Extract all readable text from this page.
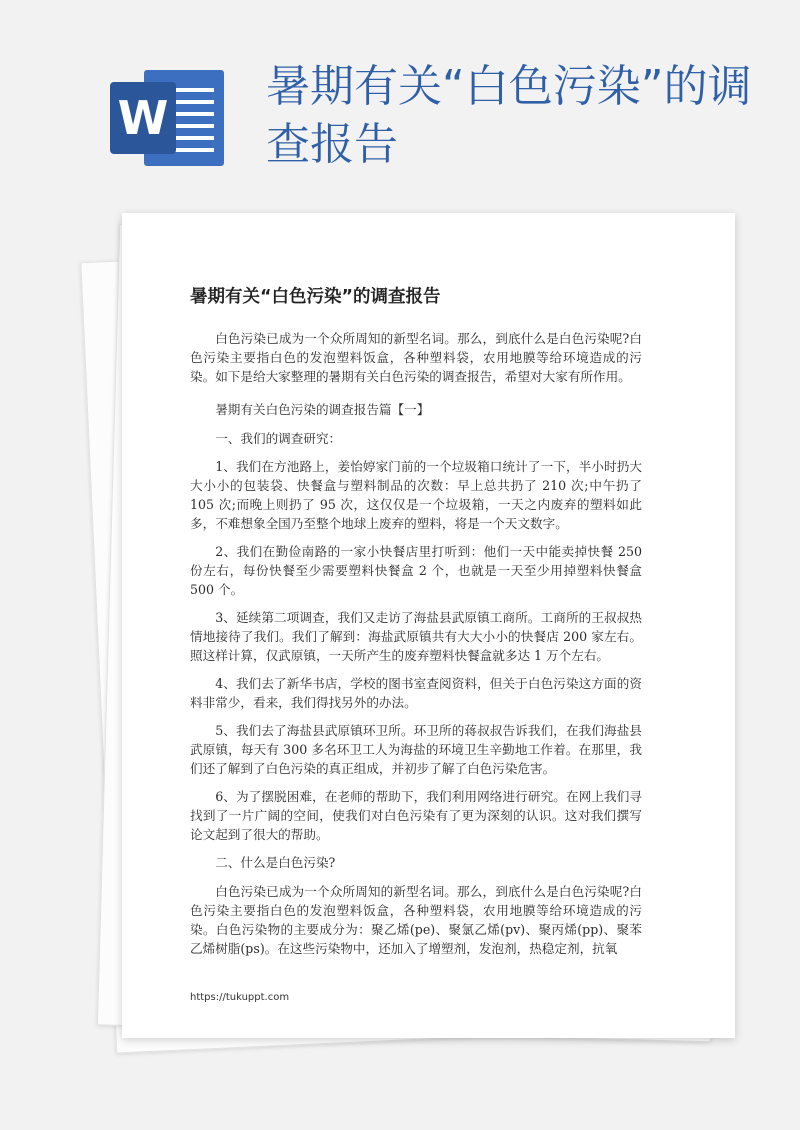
W
暑期有关“白色污染”的调查报告
暑期有关“白色污染”的调查报告

白色污染已成为一个众所周知的新型名词。那么，到底什么是白色污染呢?白色污染主要指白色的发泡塑料饭盒，各种塑料袋，农用地膜等给环境造成的污染。如下是给大家整理的暑期有关白色污染的调查报告，希望对大家有所作用。

暑期有关白色污染的调查报告篇【一】

一、我们的调查研究：

1、我们在方池路上，姜怡婷家门前的一个垃圾箱口统计了一下，半小时扔大大小小的包装袋、快餐盒与塑料制品的次数：早上总共扔了 210 次;中午扔了 105 次;而晚上则扔了 95 次，这仅仅是一个垃圾箱，一天之内废弃的塑料如此多，不难想象全国乃至整个地球上废弃的塑料，将是一个天文数字。

2、我们在勤俭南路的一家小快餐店里打听到：他们一天中能卖掉快餐 250 份左右，每份快餐至少需要塑料快餐盒 2 个，也就是一天至少用掉塑料快餐盒 500 个。

3、延续第二项调查，我们又走访了海盐县武原镇工商所。工商所的王叔叔热情地接待了我们。我们了解到：海盐武原镇共有大大小小的快餐店 200 家左右。照这样计算，仅武原镇，一天所产生的废弃塑料快餐盒就多达 1 万个左右。

4、我们去了新华书店，学校的图书室查阅资料，但关于白色污染这方面的资料非常少，看来，我们得找另外的办法。

5、我们去了海盐县武原镇环卫所。环卫所的蒋叔叔告诉我们，在我们海盐县武原镇，每天有 300 多名环卫工人为海盐的环境卫生辛勤地工作着。在那里，我们还了解到了白色污染的真正组成，并初步了解了白色污染危害。

6、为了摆脱困难，在老师的帮助下，我们利用网络进行研究。在网上我们寻找到了一片广阔的空间，使我们对白色污染有了更为深刻的认识。这对我们撰写论文起到了很大的帮助。

二、什么是白色污染?

白色污染已成为一个众所周知的新型名词。那么，到底什么是白色污染呢?白色污染主要指白色的发泡塑料饭盒，各种塑料袋，农用地膜等给环境造成的污染。白色污染物的主要成分为：聚乙烯(pe)、聚氯乙烯(pv)、聚丙烯(pp)、聚苯乙烯树脂(ps)。在这些污染物中，还加入了增塑剂，发泡剂，热稳定剂，抗氧

https://tukuppt.com
